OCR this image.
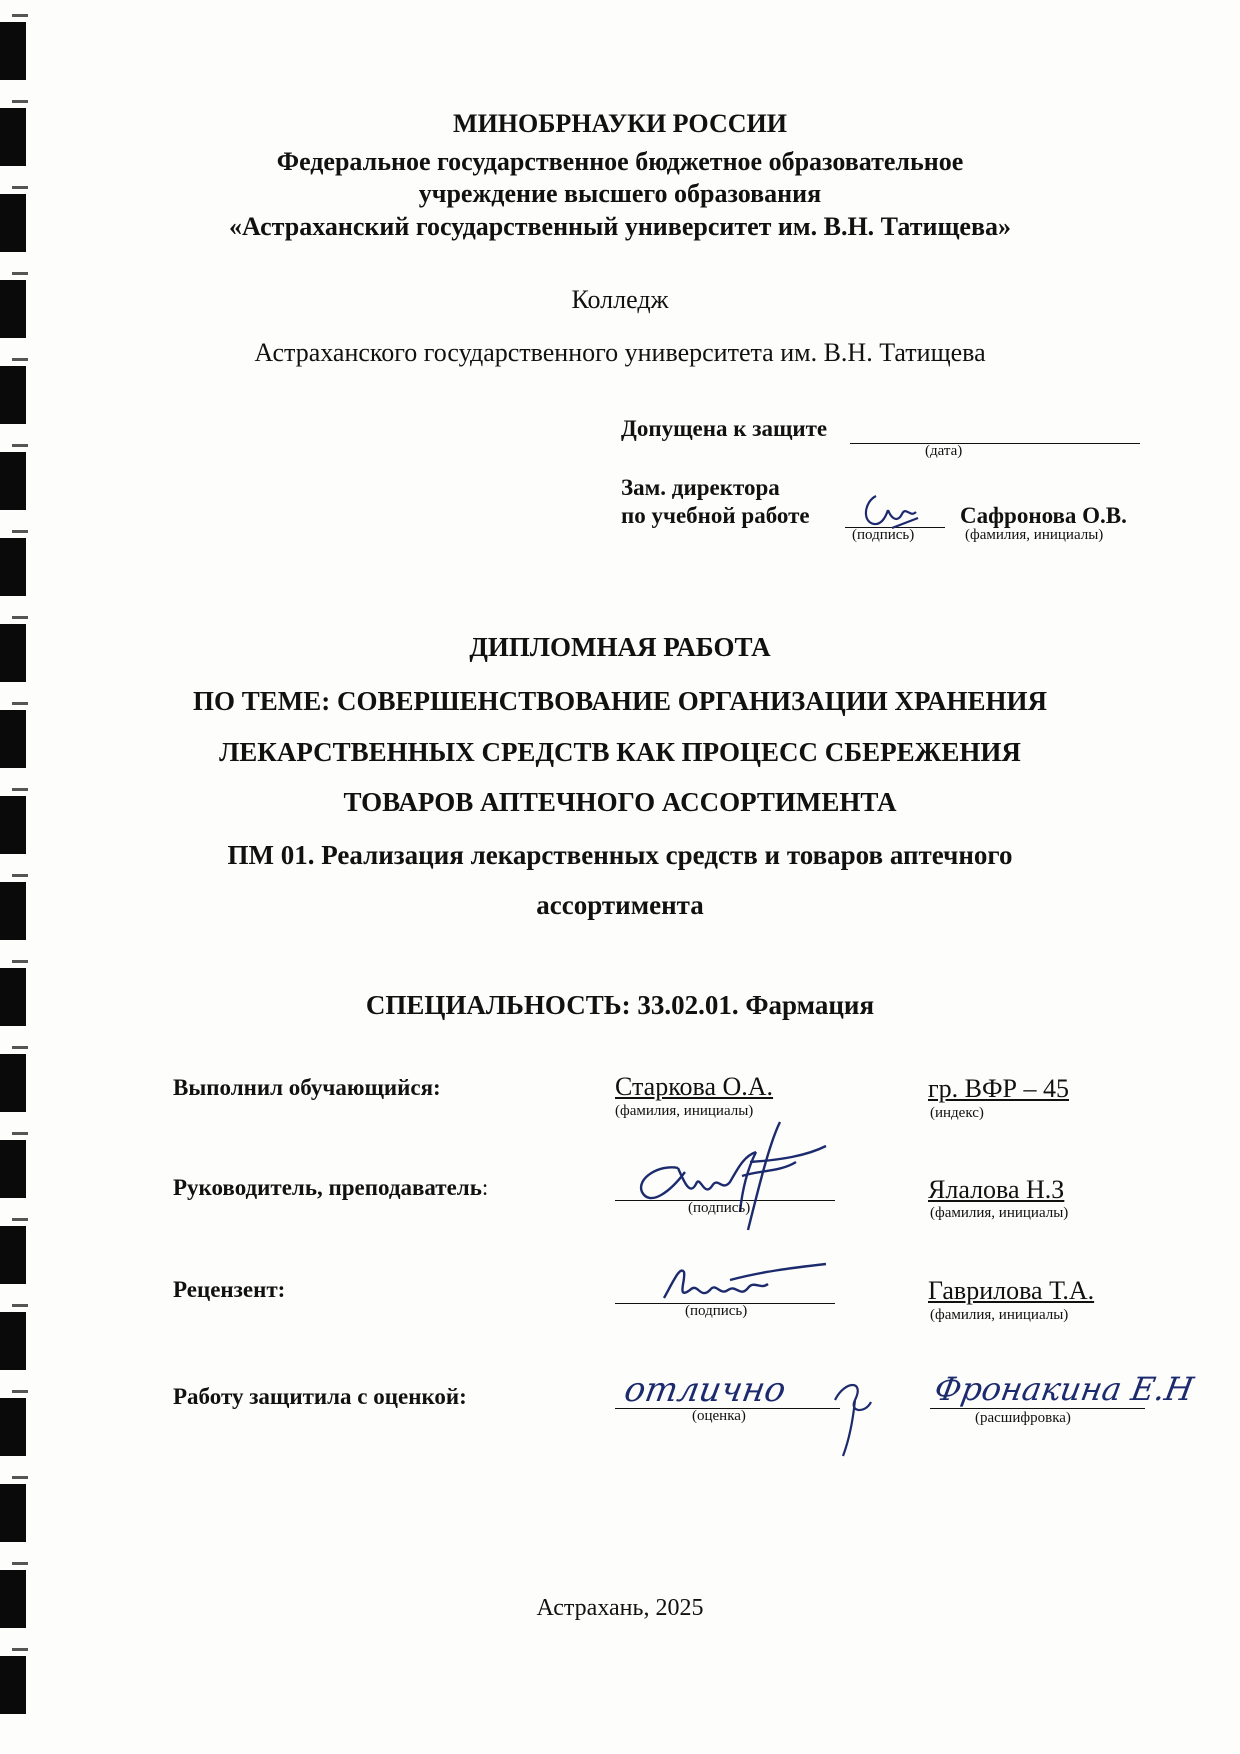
МИНОБРНАУКИ РОССИИ
Федеральное государственное бюджетное образовательное
учреждение высшего образования
«Астраханский государственный университет им. В.Н. Татищева»
Колледж
Астраханского государственного университета им. В.Н. Татищева
Допущена к защите
(дата)
Зам. директора
по учебной работе
(подпись)
Сафронова О.В.
(фамилия, инициалы)
ДИПЛОМНАЯ РАБОТА
ПО ТЕМЕ: СОВЕРШЕНСТВОВАНИЕ ОРГАНИЗАЦИИ ХРАНЕНИЯ
ЛЕКАРСТВЕННЫХ СРЕДСТВ КАК ПРОЦЕСС СБЕРЕЖЕНИЯ
ТОВАРОВ АПТЕЧНОГО АССОРТИМЕНТА
ПМ 01. Реализация лекарственных средств и товаров аптечного
ассортимента
СПЕЦИАЛЬНОСТЬ: 33.02.01. Фармация
Выполнил обучающийся:	Старкова О.А.
(фамилия, инициалы)
гр. ВФР – 45
(индекс)
Руководитель, преподаватель:
(подпись)
Ялалова Н.З
(фамилия, инициалы)
Рецензент:
(подпись)
Гаврилова Т.А.
(фамилия, инициалы)
Работу защитила с оценкой:	отлично
(оценка)
Фронакина Е.Н
(расшифровка)
Астрахань, 2025
